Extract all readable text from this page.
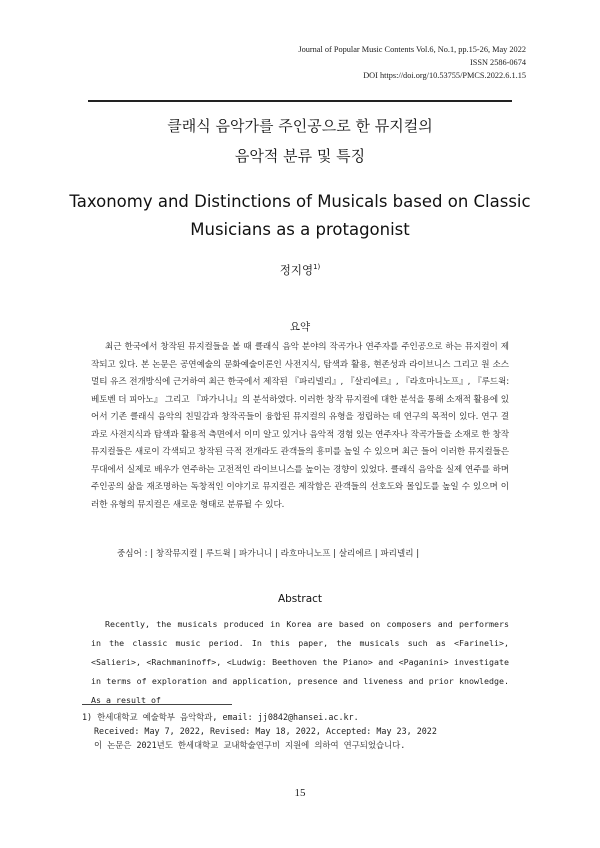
Journal of Popular Music Contents Vol.6, No.1, pp.15-26, May 2022
ISSN 2586-0674
DOI https://doi.org/10.53755/PMCS.2022.6.1.15
클래식 음악가를 주인공으로 한 뮤지컬의
음악적 분류 및 특징
Taxonomy and Distinctions of Musicals based on Classic Musicians as a protagonist
정지영$^{1)}$
요약

최근 한국에서 창작된 뮤지컬들을 볼 때 클래식 음악 분야의 작곡가나 연주자를 주인공으로 하는 뮤지컬이 제작되고 있다. 본 논문은 공연예술의 문화예술이론인 사전지식, 탐색과 활용, 현존성과 라이브니스 그리고 원 소스 멀티 유즈 전개방식에 근거하여 최근 한국에서 제작된 『파리넬리』, 『살리에르』, 『라흐마니노프』, 『루드윅:베토벤 더 피아노』 그리고 『파가니니』의 분석하였다. 이러한 창작 뮤지컬에 대한 분석을 통해 소재적 활용에 있어서 기존 클래식 음악의 친밀감과 창작곡들이 융합된 뮤지컬의 유형을 정립하는 데 연구의 목적이 있다. 연구 결과로 사전지식과 탐색과 활용적 측면에서 이미 알고 있거나 음악적 경험 있는 연주자나 작곡가들을 소재로 한 창작 뮤지컬들은 새로이 각색되고 창작된 극적 전개라도 관객들의 흥미를 높일 수 있으며 최근 들어 이러한 뮤지컬들은 무대에서 실제로 배우가 연주하는 고전적인 라이브니스를 높이는 경향이 있었다. 클래식 음악을 실제 연주를 하며 주인공의 삶을 재조명하는 독창적인 이야기로 뮤지컬은 제작함은 관객들의 선호도와 몰입도를 높일 수 있으며 이러한 유형의 뮤지컬은 새로운 형태로 분류될 수 있다.

중심어 : | 창작뮤지컬 | 루드윅 | 파가니니 | 라흐마니노프 | 살리에르 | 파리넬리 |
Abstract

Recently, the musicals produced in Korea are based on composers and performers in the classic music period. In this paper, the musicals such as <Farineli>, <Salieri>, <Rachmaninoff>, <Ludwig: Beethoven the Piano> and <Paganini> investigate in terms of exploration and application, presence and liveness and prior knowledge. As a result of

1) 한세대학교 예술학부 음악학과, email: jj0842@hansei.ac.kr.
Received: May 7, 2022, Revised: May 18, 2022, Accepted: May 23, 2022
이 논문은 2021년도 한세대학교 교내학술연구비 지원에 의하여 연구되었습니다.
15
